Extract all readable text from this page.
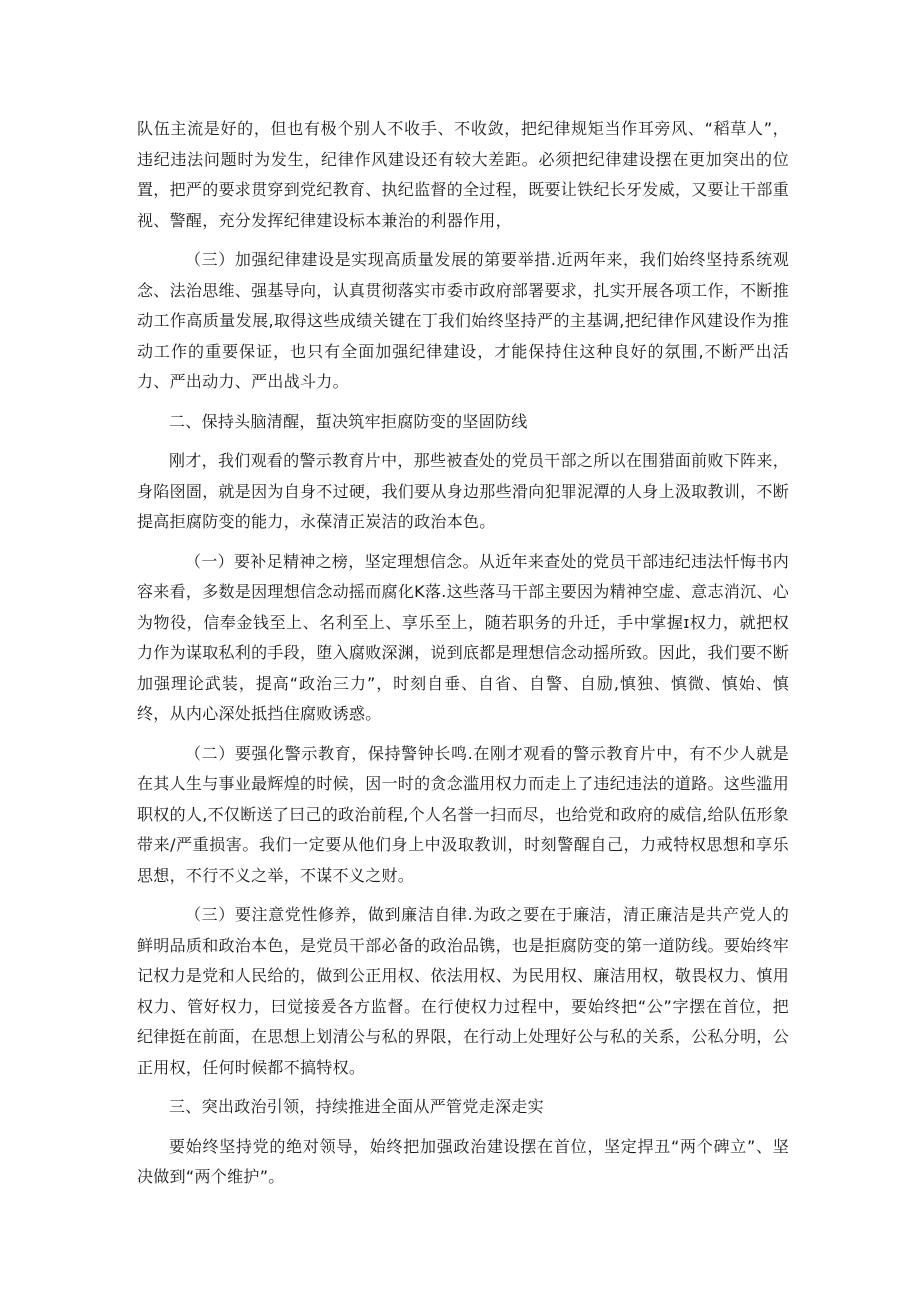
队伍主流是好的，但也有极个别人不收手、不收敛，把纪律规矩当作耳旁风、“稻草人”，违纪违法问题时为发生，纪律作风建设还有较大差距。必须把纪律建设摆在更加突出的位置，把严的要求贯穿到党纪教育、执纪监督的全过程，既要让铁纪长牙发威，又要让干部重视、警醒，充分发挥纪律建设标本兼治的利器作用，

（三）加强纪律建设是实现高质量发展的第要举措.近两年来，我们始终坚持系统观念、法治思维、强基导向，认真贯彻落实市委市政府部署要求，扎实开展各项工作，不断推动工作高质量发展,取得这些成绩关键在丁我们始终坚持严的主基调,把纪律作风建设作为推动工作的重要保证，也只有全面加强纪律建设，才能保持住这种良好的氛围,不断严出活力、严出动力、严出战斗力。

二、保持头脑清醒，蜇决筑牢拒腐防变的坚固防线

刚才，我们观看的警示教育片中，那些被查处的党员干部之所以在围猎面前败下阵来，身陷囹圄，就是因为自身不过硬，我们要从身边那些滑向犯罪泥潭的人身上汲取教训，不断提高拒腐防变的能力，永葆清正炭洁的政治本色。

（一）要补足精神之榜，坚定理想信念。从近年来查处的党员干部违纪违法忏悔书内容来看，多数是因理想信念动摇而腐化K落.这些落马干部主要因为精神空虚、意志消沉、心为物役，信奉金钱至上、名利至上、享乐至上，随若职务的升迁，手中掌握ɪ权力，就把权力作为谋取私利的手段，堕入腐败深渊，说到底都是理想信念动摇所致。因此，我们要不断加强理论武装，提高“政治三力”，时刻自垂、自省、自警、自励,慎独、慎微、慎始、慎终，从内心深处抵挡住腐败诱惑。

（二）要强化警示教育，保持警钟长鸣.在刚才观看的警示教育片中，有不少人就是在其人生与事业最辉煌的时候，因一时的贪念滥用权力而走上了违纪违法的道路。这些滥用职权的人,不仅断送了曰己的政治前程,个人名誉一扫而尽，也给党和政府的威信,给队伍形象带来/严重损害。我们一定要从他们身上中汲取教训，时刻警醒自己，力戒特权思想和享乐思想，不行不义之举，不谋不义之财。

（三）要注意党性修养，做到廉洁自律.为政之要在于廉洁，清正廉洁是共产党人的鲜明品质和政治本色，是党员干部必备的政治品镌，也是拒腐防变的第一道防线。要始终牢记权力是党和人民给的，做到公正用权、依法用权、为民用权、廉洁用权，敬畏权力、慎用权力、管好权力，曰觉接爰各方监督。在行使权力过程中，要始终把“公”字摆在首位，把纪律挺在前面，在思想上划清公与私的界限，在行动上处理好公与私的关系，公私分明，公正用权，任何时候都不搞特权。

三、突出政治引领，持续推进全面从严管党走深走实

要始终坚持党的绝对领导，始终把加强政治建设摆在首位，坚定捍丑“两个碑立”、坚决做到“两个维护”。
